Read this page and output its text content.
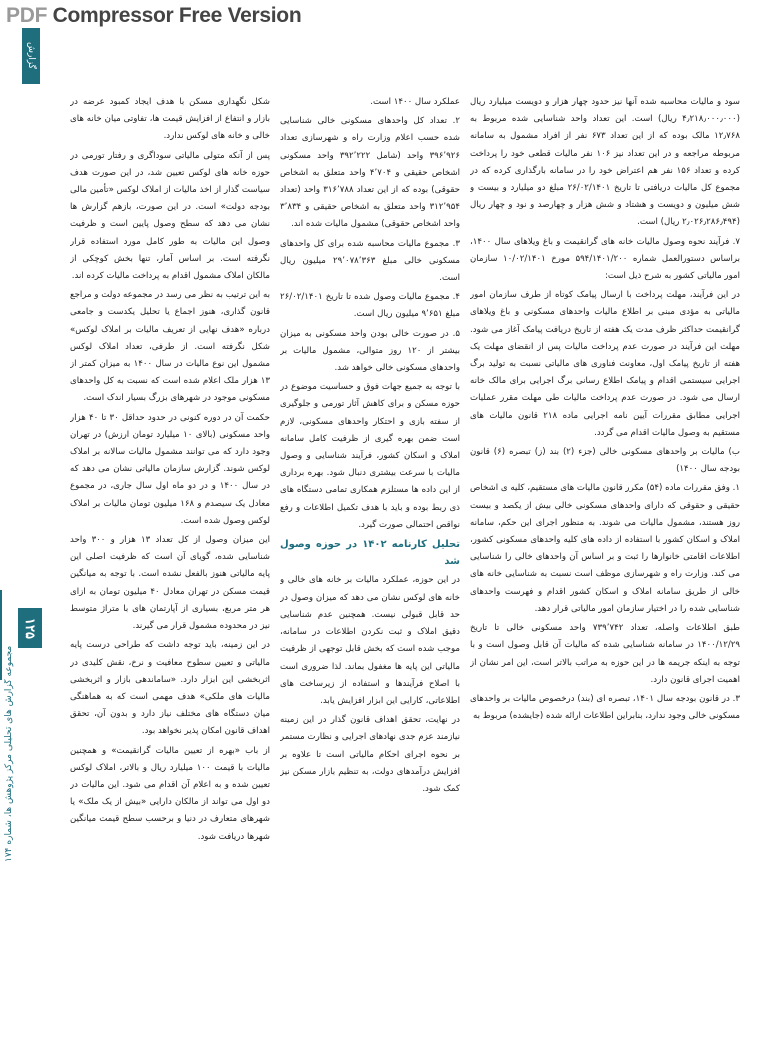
PDF Compressor Free Version
گزارش
مجموعه گزارش های تحلیلی مرکز پژوهش ها، شماره ۱۷۴
۱۲۵

سود و مالیات محاسبه شده آنها نیز حدود چهار هزار و دویست میلیارد ریال (۴٫۲۱۸٫۰۰۰٫۰۰۰ ریال) است. این تعداد واحد شناسایی شده مربوط به ۱۲٫۷۶۸ مالک بوده که از این تعداد ۶۷۳ نفر از افراد مشمول به سامانه مربوطه مراجعه و در این تعداد نیز ۱۰۶ نفر مالیات قطعی خود را پرداخت کرده و تعداد ۱۵۶ نفر هم اعتراض خود را در سامانه بارگذاری کرده که در مجموع کل مالیات دریافتی تا تاریخ ۲۶/۰۲/۱۴۰۱ مبلغ دو میلیارد و بیست و شش میلیون و دویست و هشتاد و شش هزار و چهارصد و نود و چهار ریال (۲٫۰۲۶٫۲۸۶٫۴۹۴ ریال) است.

۷. فرآیند نحوه وصول مالیات خانه های گرانقیمت و باغ ویلاهای سال ۱۴۰۰، براساس دستورالعمل شماره ۵۹۴/۱۴۰۱/۲۰۰ مورخ ۱۰/۰۲/۱۴۰۱ سازمان امور مالیاتی کشور به شرح ذیل است:

در این فرآیند، مهلت پرداخت با ارسال پیامک کوتاه از طرف سازمان امور مالیاتی به مؤدی مبنی بر اطلاع مالیات واحدهای مسکونی و باغ ویلاهای گرانقیمت حداکثر ظرف مدت یک هفته از تاریخ دریافت پیامک آغاز می شود. مهلت این فرآیند در صورت عدم پرداخت مالیات پس از انقضای مهلت یک هفته از تاریخ پیامک اول، معاونت فناوری های مالیاتی نسبت به تولید برگ اجرایی سیستمی اقدام و پیامک اطلاع رسانی برگ اجرایی برای مالک خانه ارسال می شود. در صورت عدم پرداخت مالیات طی مهلت مقرر عملیات اجرایی مطابق مقررات آیین نامه اجرایی ماده ۲۱۸ قانون مالیات های مستقیم به وصول مالیات اقدام می گردد.

ب) مالیات بر واحدهای مسکونی خالی (جزء (۲) بند (ز) تبصره (۶) قانون بودجه سال ۱۴۰۰)

۱. وفق مقررات ماده (۵۴) مکرر قانون مالیات های مستقیم، کلیه ی اشخاص حقیقی و حقوقی که دارای واحدهای مسکونی خالی بیش از یکصد و بیست روز هستند، مشمول مالیات می شوند. به منظور اجرای این حکم، سامانه املاک و اسکان کشور با استفاده از داده های کلیه واحدهای مسکونی کشور، اطلاعات اقامتی خانوارها را ثبت و بر اساس آن واحدهای خالی را شناسایی می کند. وزارت راه و شهرسازی موظف است نسبت به شناسایی خانه های خالی از طریق سامانه املاک و اسکان کشور اقدام و فهرست واحدهای شناسایی شده را در اختیار سازمان امور مالیاتی قرار دهد.

طبق اطلاعات واصله، تعداد ۷۳۹٬۷۴۲ واحد مسکونی خالی تا تاریخ ۱۴۰۰/۱۲/۲۹ در سامانه شناسایی شده که مالیات آن قابل وصول است و با توجه به اینکه جریمه ها در این حوزه به مراتب بالاتر است، این امر نشان از اهمیت اجرای قانون دارد.

۳. در قانون بودجه سال ۱۴۰۱، تبصره ای (بند) درخصوص مالیات بر واحدهای مسکونی خالی وجود ندارد، بنابراین اطلاعات ارائه شده (جایشده) مربوط به

عملکرد سال ۱۴۰۰ است.

۲. تعداد کل واحدهای مسکونی خالی شناسایی شده حسب اعلام وزارت راه و شهرسازی تعداد ۳۹۶٬۹۲۶ واحد (شامل ۳۹۲٬۲۲۲ واحد مسکونی اشخاص حقیقی و ۴٬۷۰۴ واحد متعلق به اشخاص حقوقی) بوده که از این تعداد ۳۱۶٬۷۸۸ واحد (تعداد ۳۱۲٬۹۵۴ واحد متعلق به اشخاص حقیقی و ۳٬۸۳۴ واحد اشخاص حقوقی) مشمول مالیات شده اند.

۳. مجموع مالیات محاسبه شده برای کل واحدهای مسکونی خالی مبلغ ۲۹٬۰۷۸٬۳۶۳ میلیون ریال است.

۴. مجموع مالیات وصول شده تا تاریخ ۲۶/۰۲/۱۴۰۱ مبلغ ۹٬۶۵۱ میلیون ریال است.

۵. در صورت خالی بودن واحد مسکونی به میزان بیشتر از ۱۲۰ روز متوالی، مشمول مالیات بر واحدهای مسکونی خالی خواهد شد.

با توجه به جمیع جهات فوق و حساسیت موضوع در حوزه مسکن و برای کاهش آثار تورمی و جلوگیری از سفته بازی و احتکار واحدهای مسکونی، لازم است ضمن بهره گیری از ظرفیت کامل سامانه املاک و اسکان کشور، فرآیند شناسایی و وصول مالیات با سرعت بیشتری دنبال شود. بهره برداری از این داده ها مستلزم همکاری تمامی دستگاه های ذی ربط بوده و باید با هدف تکمیل اطلاعات و رفع نواقص احتمالی صورت گیرد.

تحلیل کارنامه ۱۴۰۲ در حوزه وصول شد

در این حوزه، عملکرد مالیات بر خانه های خالی و خانه های لوکس نشان می دهد که میزان وصول در حد قابل قبولی نیست. همچنین عدم شناسایی دقیق املاک و ثبت نکردن اطلاعات در سامانه، موجب شده است که بخش قابل توجهی از ظرفیت مالیاتی این پایه ها مغفول بماند. لذا ضروری است با اصلاح فرآیندها و استفاده از زیرساخت های اطلاعاتی، کارایی این ابزار افزایش یابد.

در نهایت، تحقق اهداف قانون گذار در این زمینه نیازمند عزم جدی نهادهای اجرایی و نظارت مستمر بر نحوه اجرای احکام مالیاتی است تا علاوه بر افزایش درآمدهای دولت، به تنظیم بازار مسکن نیز کمک شود.

شکل نگهداری مسکن با هدف ایجاد کمبود عرضه در بازار و انتفاع از افزایش قیمت ها، تفاوتی میان خانه های خالی و خانه های لوکس ندارد.

پس از آنکه متولی مالیاتی سوداگری و رفتار تورمی در حوزه خانه های لوکس تعیین شد، در این صورت هدف سیاست گذار از اخذ مالیات از املاک لوکس «تأمین مالی بودجه دولت» است. در این صورت، بازهم گزارش ها نشان می دهد که سطح وصول پایین است و ظرفیت وصول این مالیات به طور کامل مورد استفاده قرار نگرفته است. بر اساس آمار، تنها بخش کوچکی از مالکان املاک مشمول اقدام به پرداخت مالیات کرده اند.

به این ترتیب به نظر می رسد در مجموعه دولت و مراجع قانون گذاری، هنوز اجماع یا تحلیل یکدست و جامعی درباره «هدف نهایی از تعریف مالیات بر املاک لوکس» شکل نگرفته است. از طرفی، تعداد املاک لوکس مشمول این نوع مالیات در سال ۱۴۰۰ به میزان کمتر از ۱۳ هزار ملک اعلام شده است که نسبت به کل واحدهای مسکونی موجود در شهرهای بزرگ بسیار اندک است.

حکمت آن در دوره کنونی در حدود حداقل ۳۰ تا ۴۰ هزار واحد مسکونی (بالای ۱۰ میلیارد تومان ارزش) در تهران وجود دارد که می توانند مشمول مالیات سالانه بر املاک لوکس شوند. گزارش سازمان مالیاتی نشان می دهد که در سال ۱۴۰۰ و در دو ماه اول سال جاری، در مجموع معادل یک سیصدم و ۱۶۸ میلیون تومان مالیات بر املاک لوکس وصول شده است.

این میزان وصول از کل تعداد ۱۳ هزار و ۳۰۰ واحد شناسایی شده، گویای آن است که ظرفیت اصلی این پایه مالیاتی هنوز بالفعل نشده است. با توجه به میانگین قیمت مسکن در تهران معادل ۴۰ میلیون تومان به ازای هر متر مربع، بسیاری از آپارتمان های با متراژ متوسط نیز در محدوده مشمول قرار می گیرند.

در این زمینه، باید توجه داشت که طراحی درست پایه مالیاتی و تعیین سطوح معافیت و نرخ، نقش کلیدی در اثربخشی این ابزار دارد. «ساماندهی بازار و اثربخشی مالیات های ملکی» هدف مهمی است که به هماهنگی میان دستگاه های مختلف نیاز دارد و بدون آن، تحقق اهداف قانون امکان پذیر نخواهد بود.

از باب «بهره از تعیین مالیات گرانقیمت» و همچنین مالیات با قیمت ۱۰۰ میلیارد ریال و بالاتر، املاک لوکس تعیین شده و به اعلام آن اقدام می شود. این مالیات در دو اول می تواند از مالکان دارایی «بیش از یک ملک» یا شهرهای متعارف در دنیا و برحسب سطح قیمت میانگین شهرها دریافت شود.
